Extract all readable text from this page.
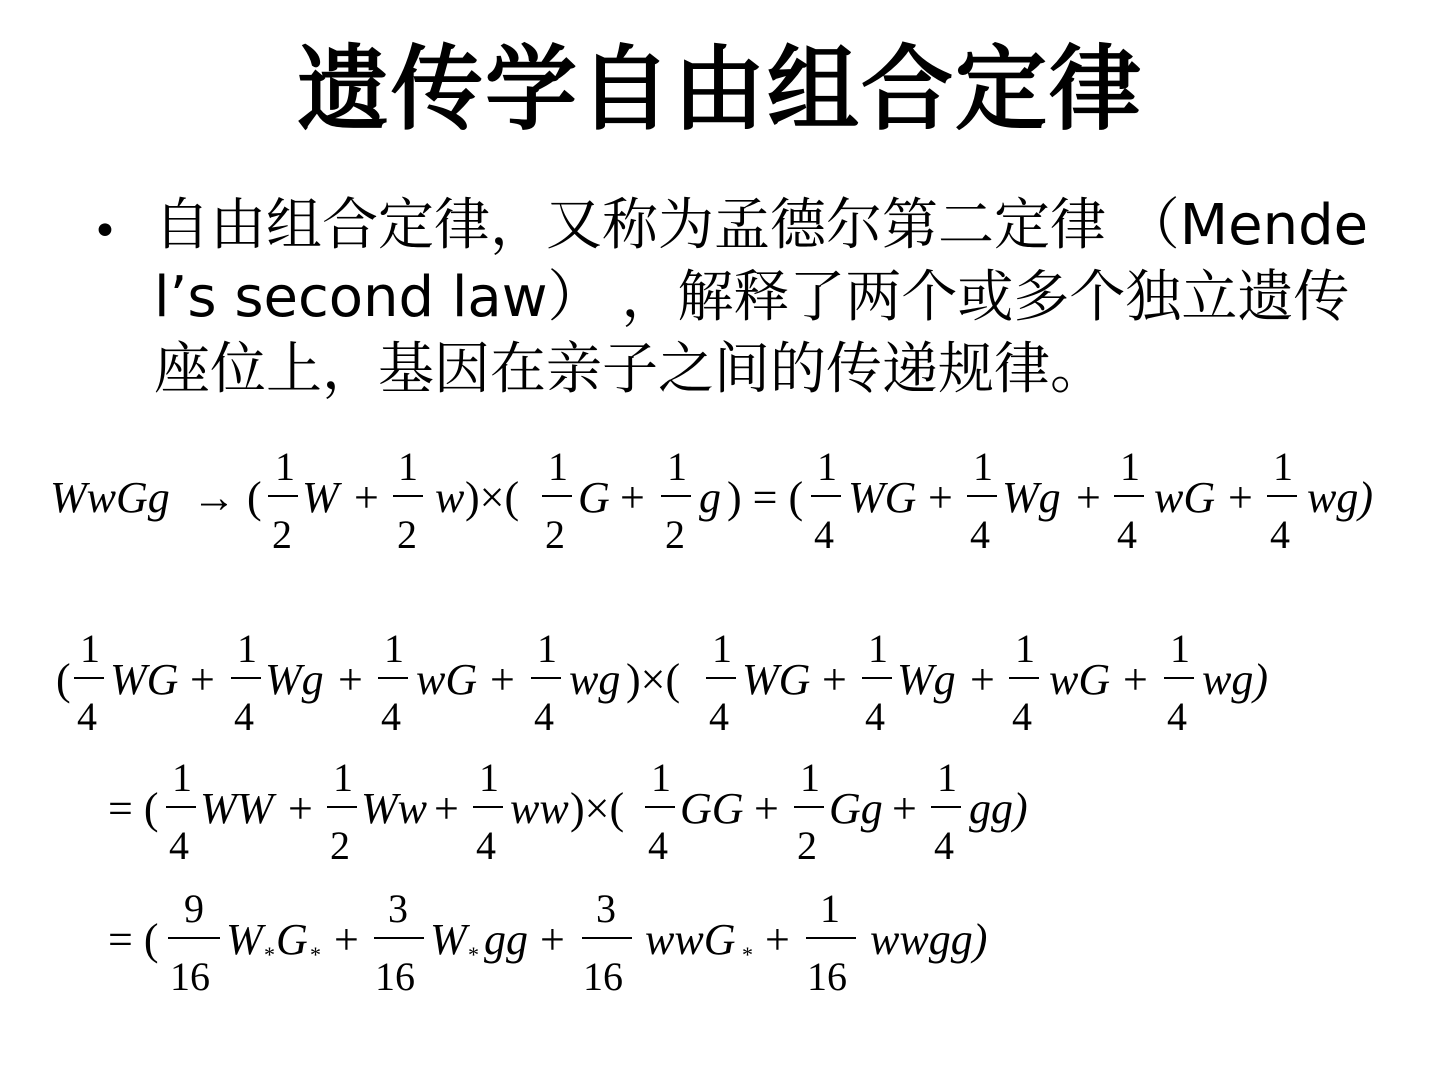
遗传学自由组合定律
• 自由组合定律，又称为孟德尔第二定律 （Mendel’s second law） ，解释了两个或多个独立遗传座位上，基因在亲子之间的传递规律。
WwGg → (
1
2
W +
1
2
w )×(
1
2
G +
1
2
g ) = (
1
4
WG +
1
4
Wg +
1
4
wG +
1
4
wg)
(
1
4
WG +
1
4
Wg +
1
4
wG +
1
4
wg )×(
1
4
WG +
1
4
Wg +
1
4
wG +
1
4
wg)
= (
1
4
WW +
1
2
Ww +
1
4
ww )×(
1
4
GG +
1
2
Gg +
1
4
gg)
= (
9
16
W * G * +
3
16
W * gg +
3
16
wwG * +
1
16
wwgg)
